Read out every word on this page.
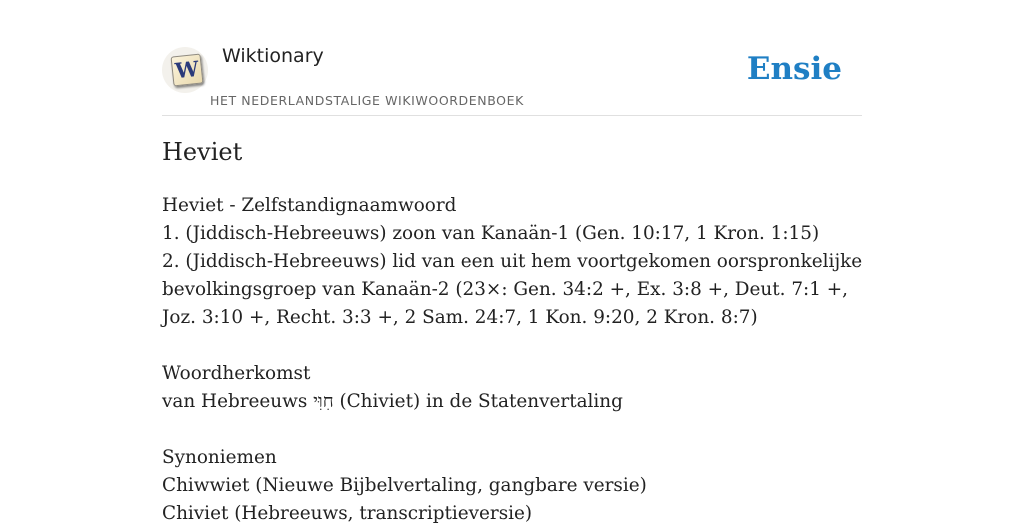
W Wiktionary
HET NEDERLANDSTALIGE WIKIWOORDENBOEK
Ensie
Heviet

Heviet - Zelfstandignaamwoord

1. (Jiddisch-Hebreeuws) zoon van Kanaän-1 (Gen. 10:17, 1 Kron. 1:15)

2. (Jiddisch-Hebreeuws) lid van een uit hem voortgekomen oorspronkelijke bevolkingsgroep van Kanaän-2 (23×: Gen. 34:2 +, Ex. 3:8 +, Deut. 7:1 +, Joz. 3:10 +, Recht. 3:3 +, 2 Sam. 24:7, 1 Kon. 9:20, 2 Kron. 8:7)

Woordherkomst

van Hebreeuws חִוִּי (Chiviet) in de Statenvertaling

Synoniemen

Chiwwiet (Nieuwe Bijbelvertaling, gangbare versie)

Chiviet (Hebreeuws, transcriptieversie)
